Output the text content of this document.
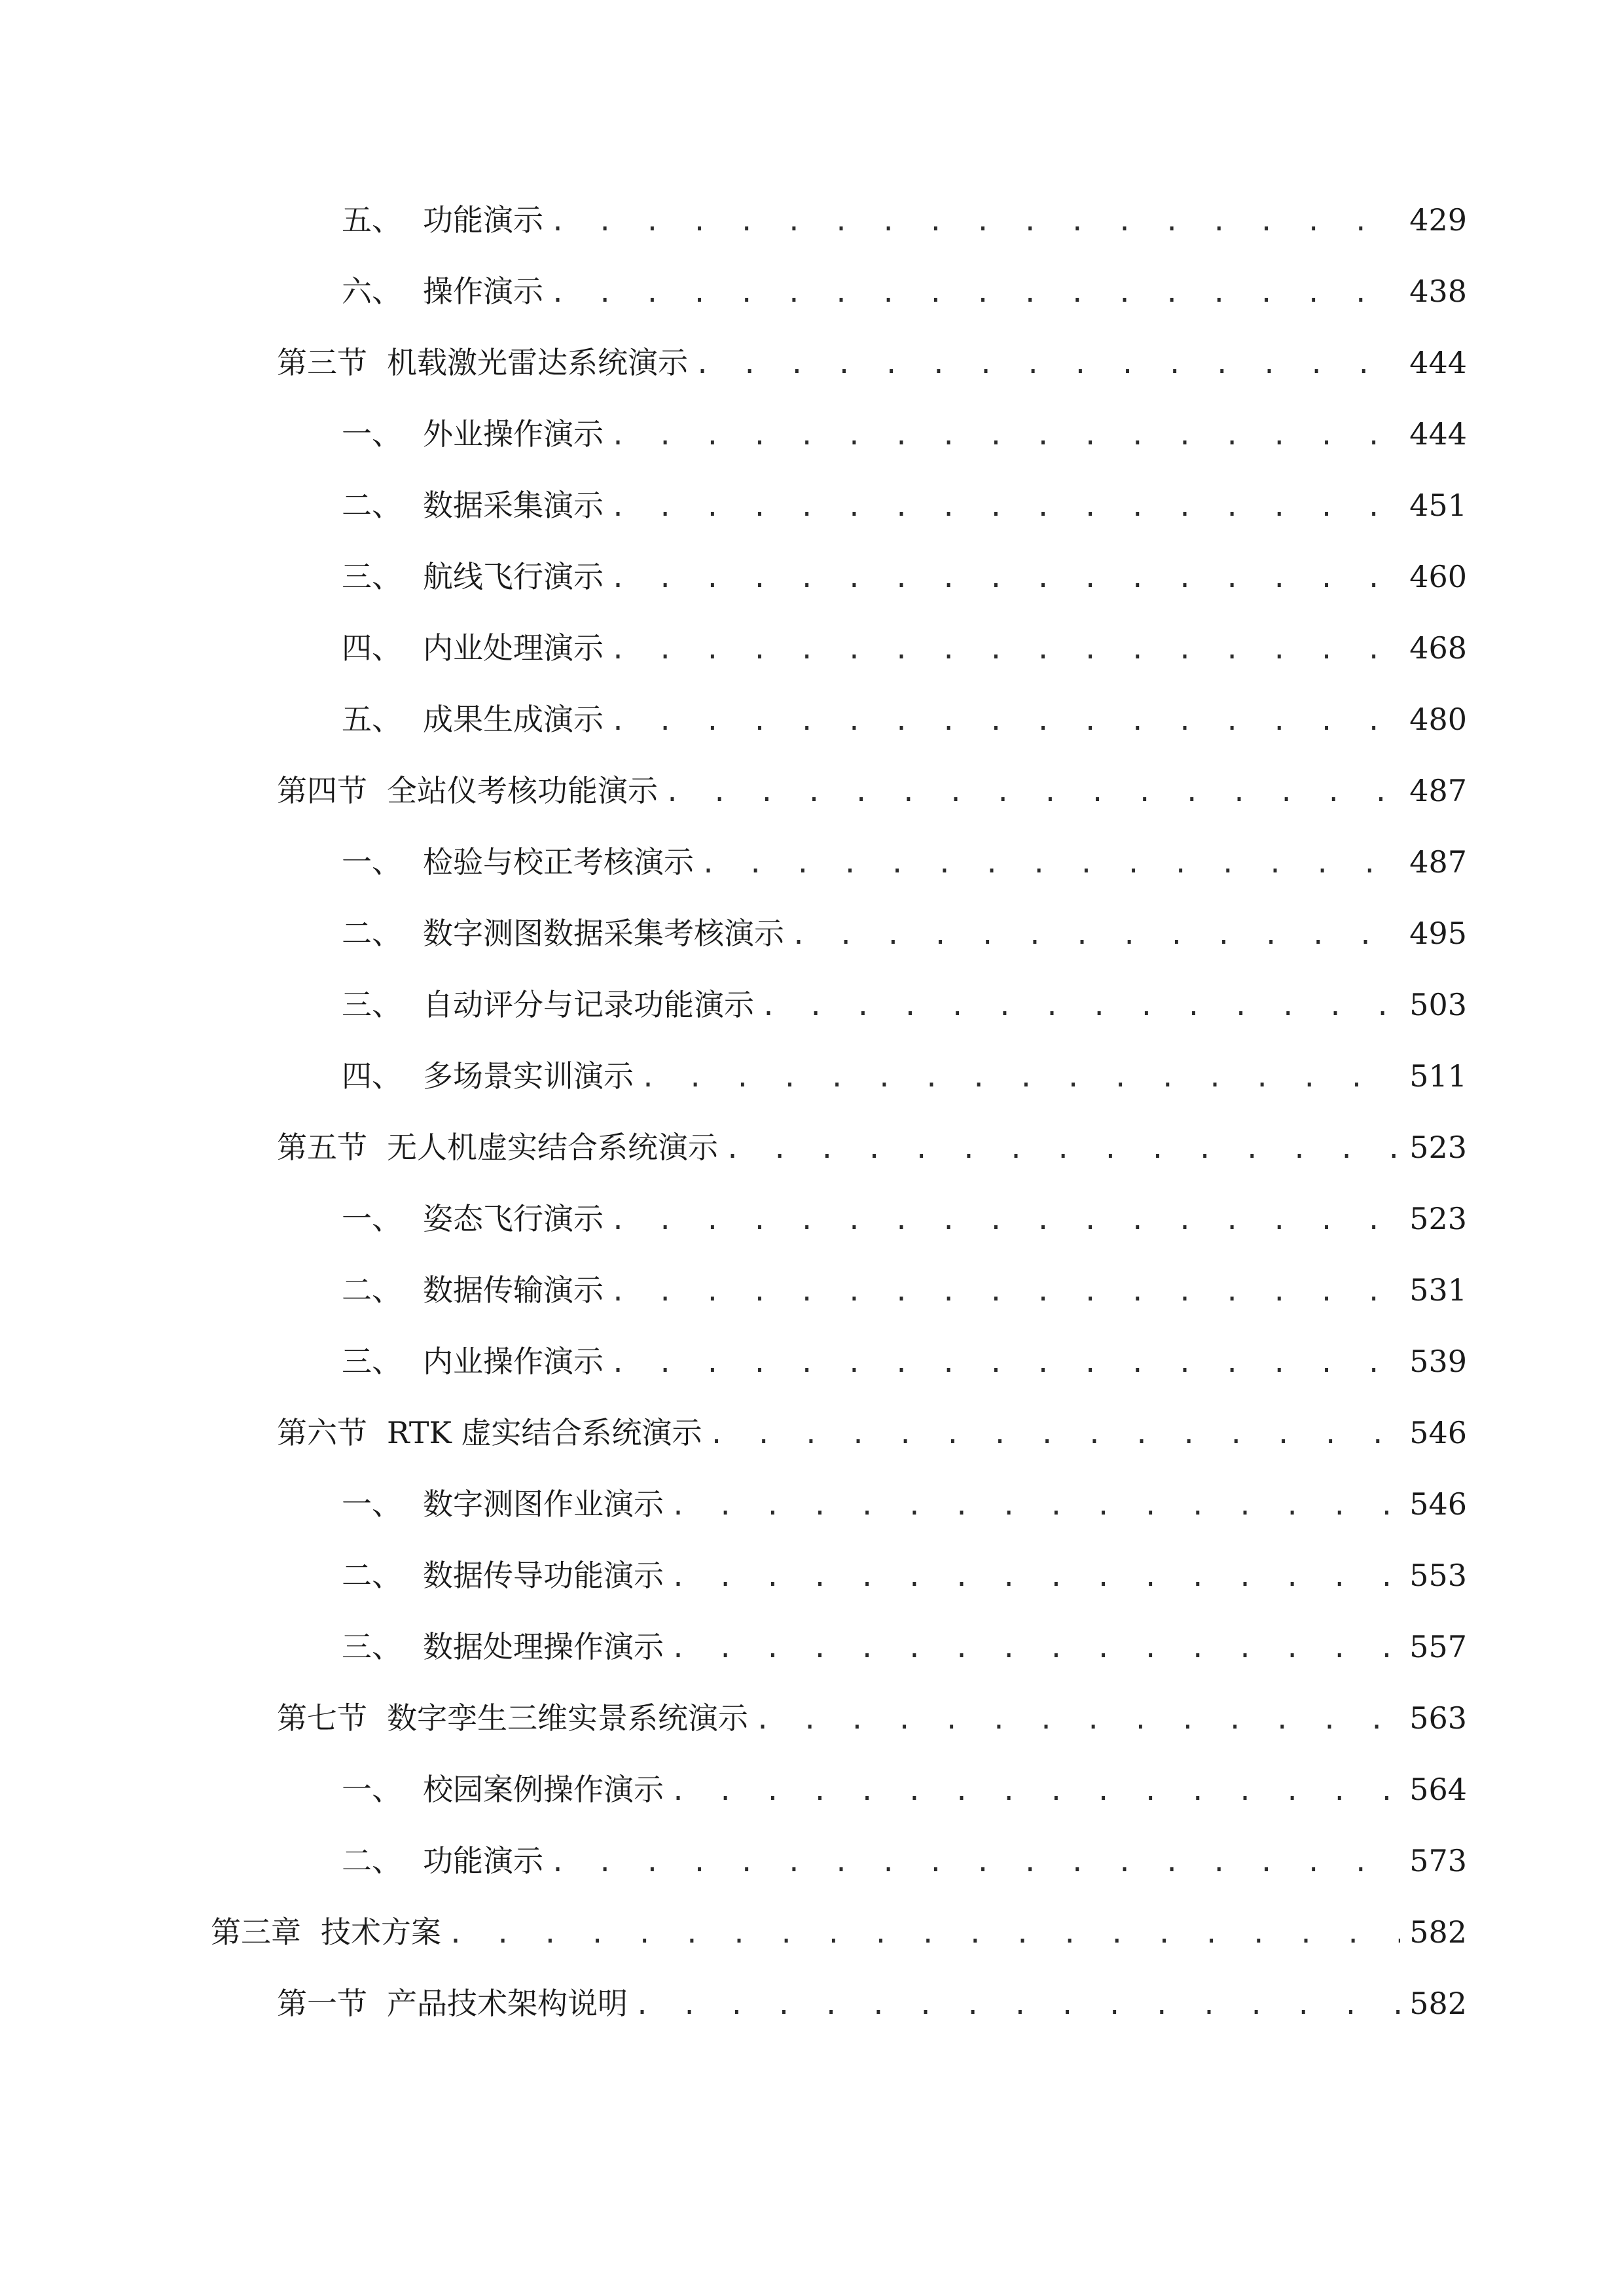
五、 功能演示 . . .	429
六、 操作演示 . . .	438
第三节 机载激光雷达系统演示 . . .	444
一、 外业操作演示 . . .	444
二、 数据采集演示 . . .	451
三、 航线飞行演示 . . .	460
四、 内业处理演示 . . .	468
五、 成果生成演示 . . .	480
第四节 全站仪考核功能演示 . . .	487
一、 检验与校正考核演示 . . .	487
二、 数字测图数据采集考核演示 . . .	495
三、 自动评分与记录功能演示 . . .	503
四、 多场景实训演示 . . .	511
第五节 无人机虚实结合系统演示 . . .	523
一、 姿态飞行演示 . . .	523
二、 数据传输演示 . . .	531
三、 内业操作演示 . . .	539
第六节 RTK 虚实结合系统演示 . . .	546
一、 数字测图作业演示 . . .	546
二、 数据传导功能演示 . . .	553
三、 数据处理操作演示 . . .	557
第七节 数字孪生三维实景系统演示 . . .	563
一、 校园案例操作演示 . . .	564
二、 功能演示 . . .	573
第三章 技术方案 . . .	582
第一节 产品技术架构说明 . . .	582
